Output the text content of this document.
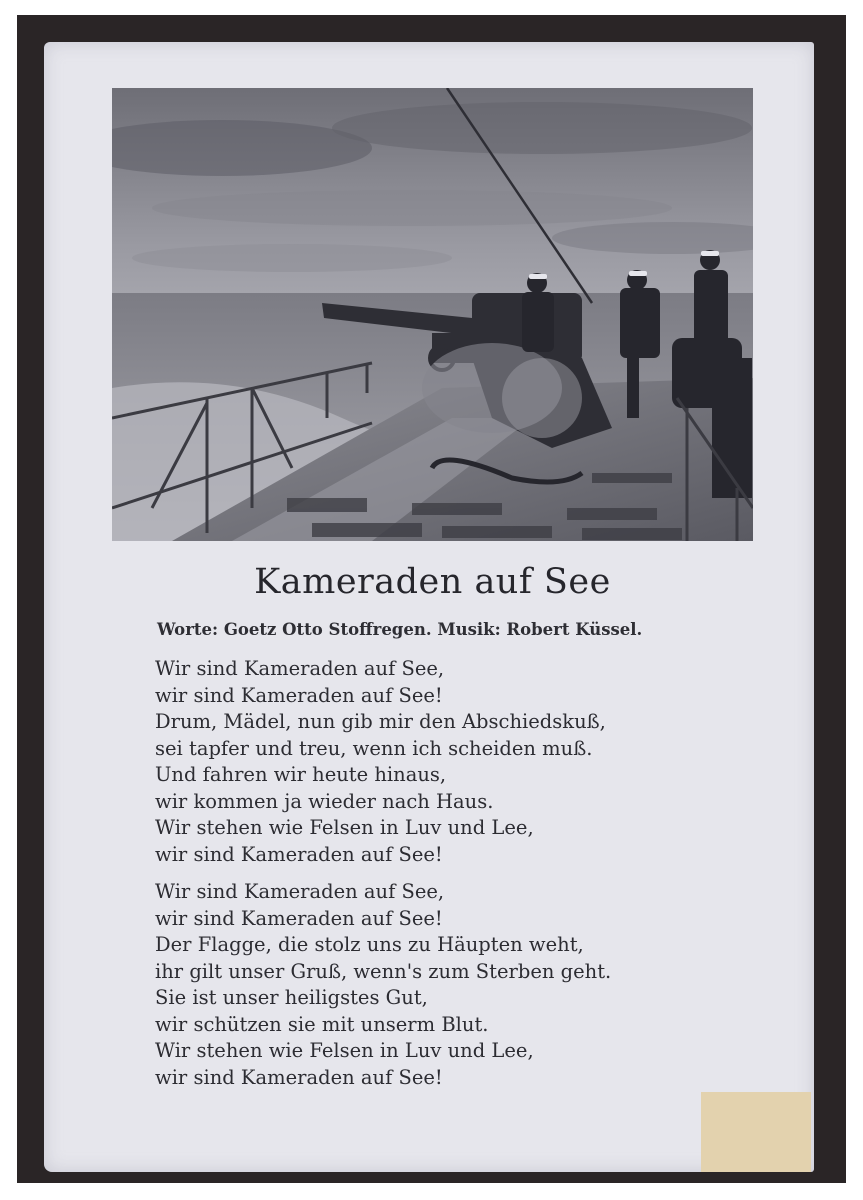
Kameraden auf See
Worte: Goetz Otto Stoffregen. Musik: Robert Küssel.
Wir sind Kameraden auf See,
wir sind Kameraden auf See!
Drum, Mädel, nun gib mir den Abschiedskuß,
sei tapfer und treu, wenn ich scheiden muß.
Und fahren wir heute hinaus,
wir kommen ja wieder nach Haus.
Wir stehen wie Felsen in Luv und Lee,
wir sind Kameraden auf See!
Wir sind Kameraden auf See,
wir sind Kameraden auf See!
Der Flagge, die stolz uns zu Häupten weht,
ihr gilt unser Gruß, wenn's zum Sterben geht.
Sie ist unser heiligstes Gut,
wir schützen sie mit unserm Blut.
Wir stehen wie Felsen in Luv und Lee,
wir sind Kameraden auf See!
